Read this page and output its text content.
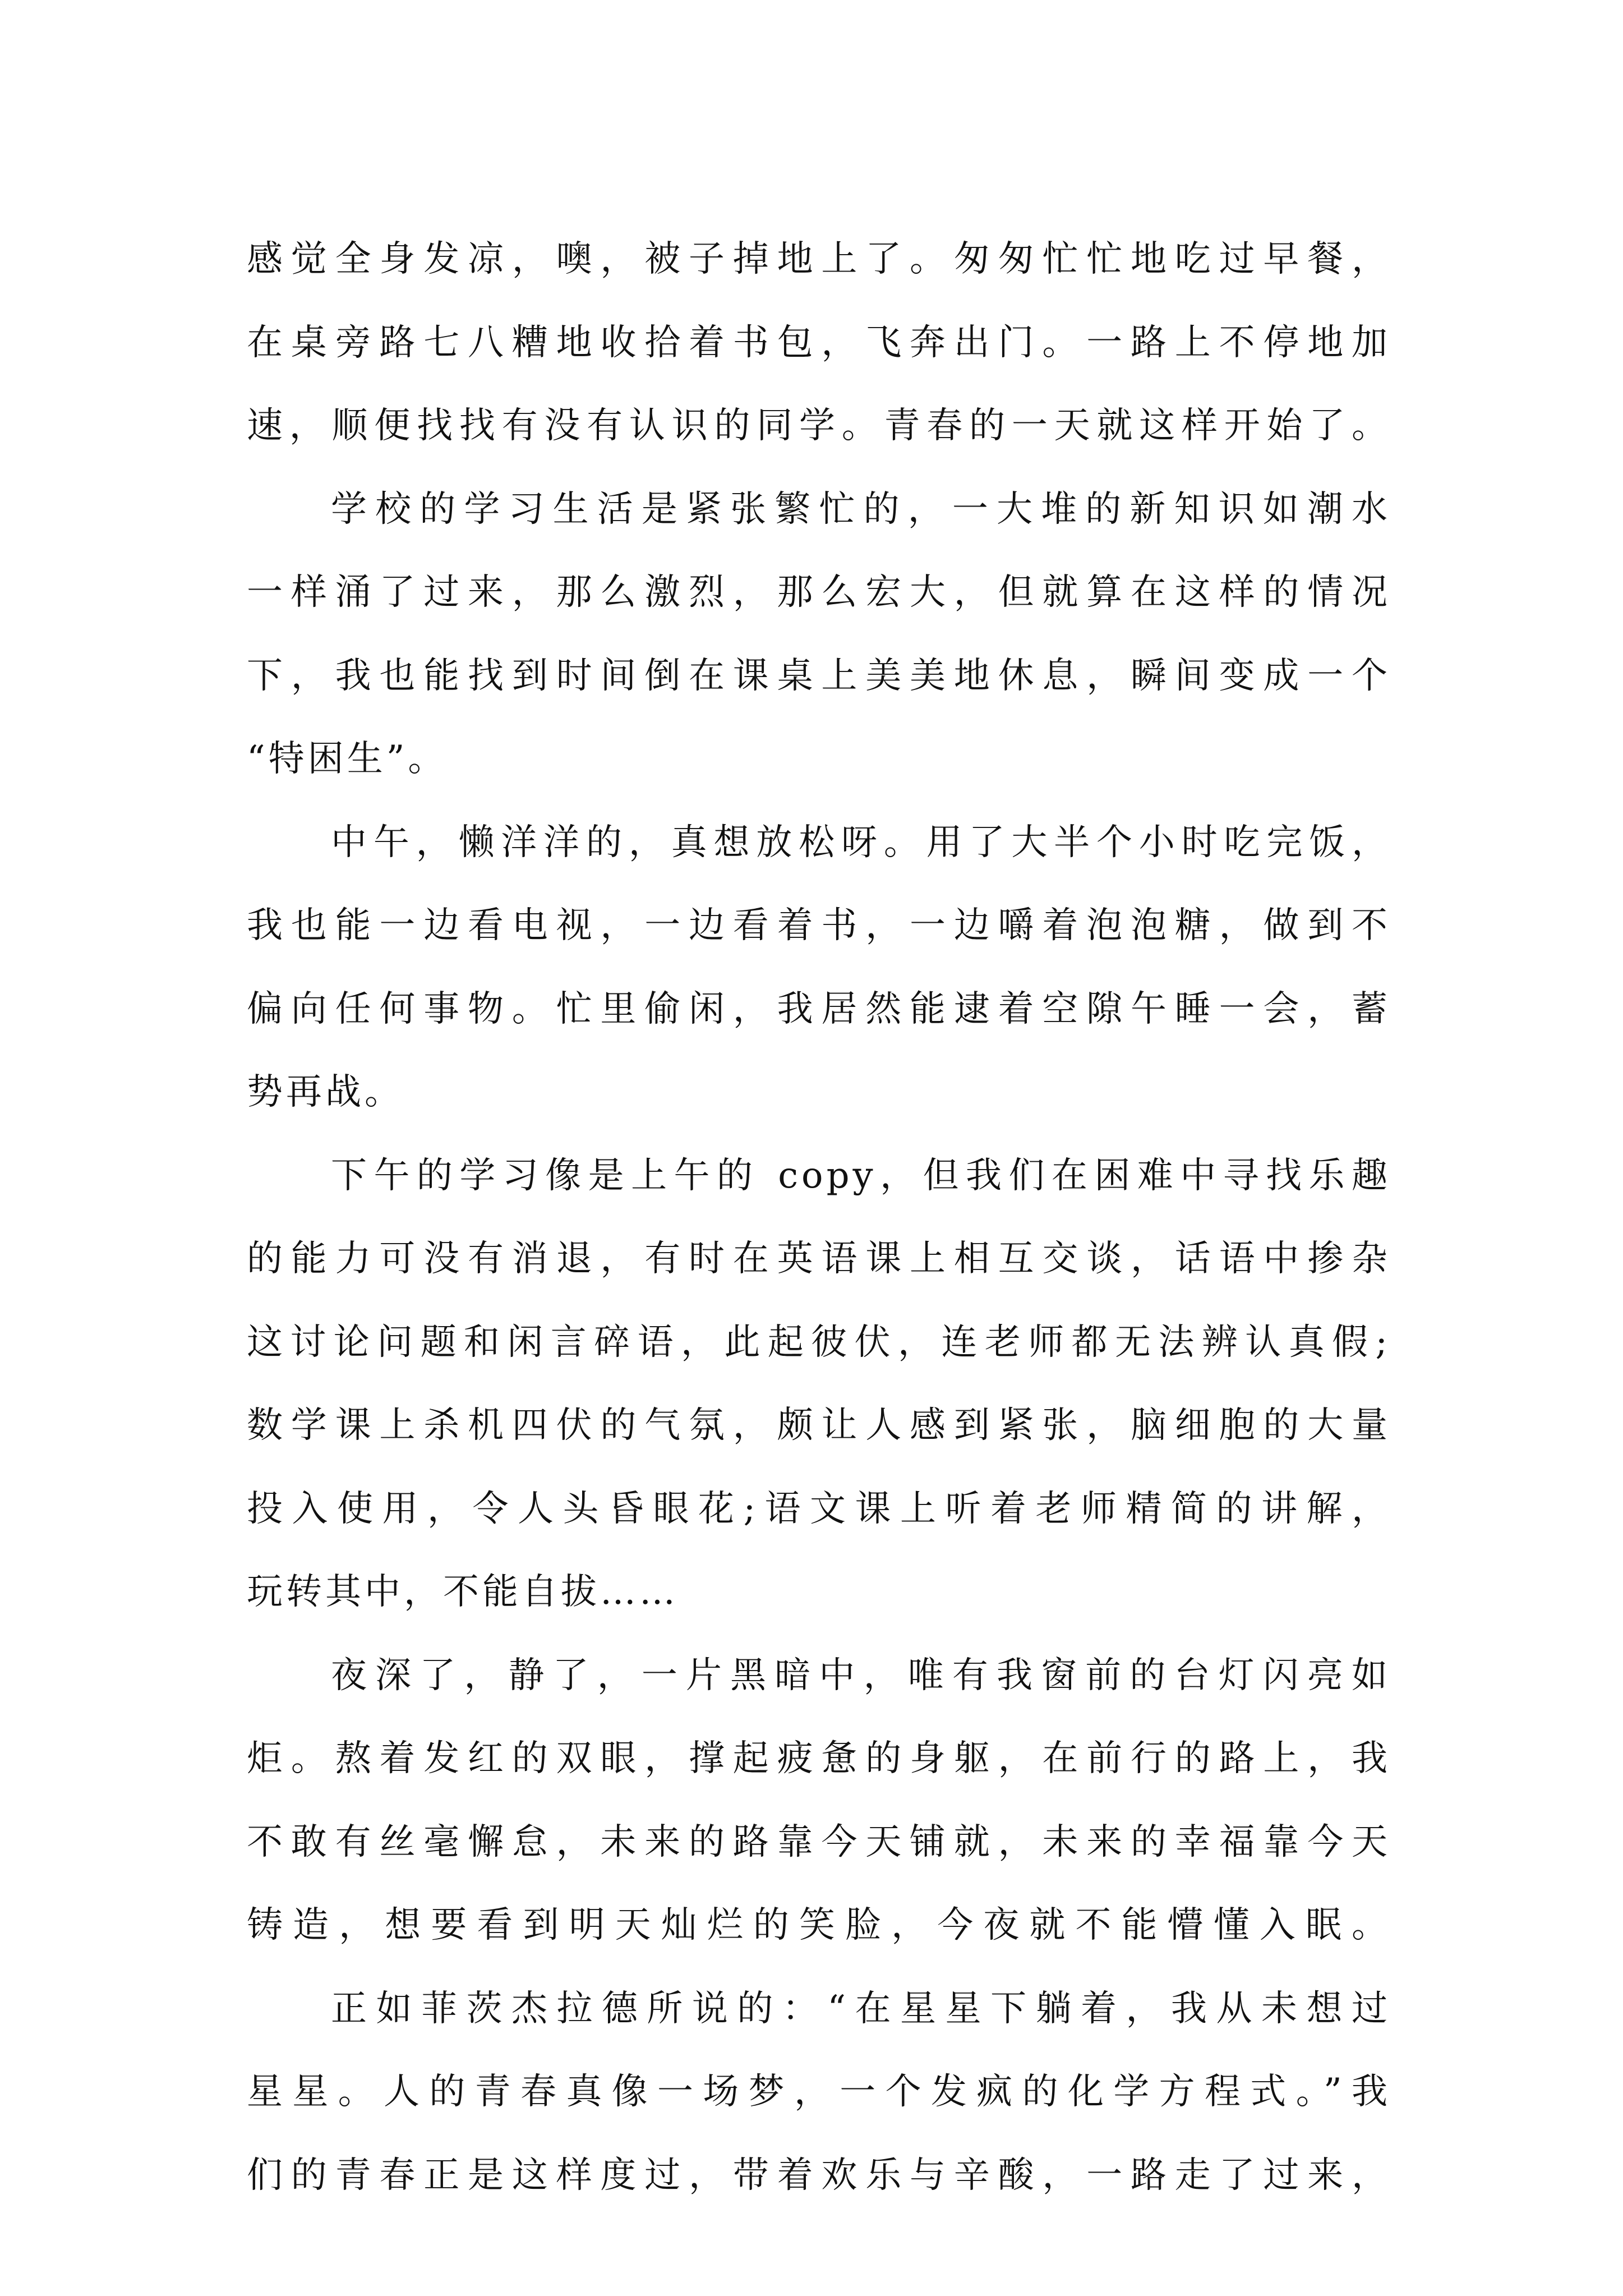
感觉全身发凉，噢，被子掉地上了。匆匆忙忙地吃过早餐，
在桌旁路七八糟地收拾着书包，飞奔出门。一路上不停地加
速，顺便找找有没有认识的同学。青春的一天就这样开始了。
学校的学习生活是紧张繁忙的，一大堆的新知识如潮水
一样涌了过来，那么激烈，那么宏大，但就算在这样的情况
下，我也能找到时间倒在课桌上美美地休息，瞬间变成一个
“特困生”。
中午，懒洋洋的，真想放松呀。用了大半个小时吃完饭，
我也能一边看电视，一边看着书，一边嚼着泡泡糖，做到不
偏向任何事物。忙里偷闲，我居然能逮着空隙午睡一会，蓄
势再战。
下午的学习像是上午的 copy，但我们在困难中寻找乐趣
的能力可没有消退，有时在英语课上相互交谈，话语中掺杂
这讨论问题和闲言碎语，此起彼伏，连老师都无法辨认真假;
数学课上杀机四伏的气氛，颇让人感到紧张，脑细胞的大量
投入使用，令人头昏眼花;语文课上听着老师精简的讲解，
玩转其中，不能自拔……
夜深了，静了，一片黑暗中，唯有我窗前的台灯闪亮如
炬。熬着发红的双眼，撑起疲惫的身躯，在前行的路上，我
不敢有丝毫懈怠，未来的路靠今天铺就，未来的幸福靠今天
铸造，想要看到明天灿烂的笑脸，今夜就不能懵懂入眠。
正如菲茨杰拉德所说的：“在星星下躺着，我从未想过
星星。人的青春真像一场梦，一个发疯的化学方程式。”我
们的青春正是这样度过，带着欢乐与辛酸，一路走了过来，
